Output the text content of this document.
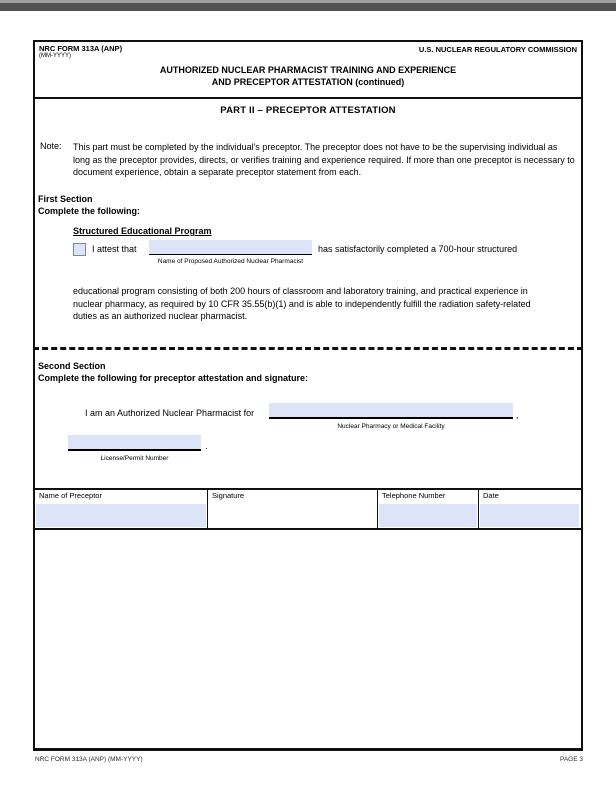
NRC FORM 313A (ANP)
(MM-YYYY)
U.S. NUCLEAR REGULATORY COMMISSION
AUTHORIZED NUCLEAR PHARMACIST TRAINING AND EXPERIENCE
AND PRECEPTOR ATTESTATION (continued)
PART II – PRECEPTOR ATTESTATION
Note: This part must be completed by the individual's preceptor. The preceptor does not have to be the supervising individual as long as the preceptor provides, directs, or verifies training and experience required. If more than one preceptor is necessary to document experience, obtain a separate preceptor statement from each.
First Section
Complete the following:
Structured Educational Program
I attest that	has satisfactorily completed a 700-hour structured
Name of Proposed Authorized Nuclear Pharmacist
educational program consisting of both 200 hours of classroom and laboratory training, and practical experience in nuclear pharmacy, as required by 10 CFR 35.55(b)(1) and is able to independently fulfill the radiation safety-related duties as an authorized nuclear pharmacist.
Second Section
Complete the following for preceptor attestation and signature:
I am an Authorized Nuclear Pharmacist for	,
Nuclear Pharmacy or Medical Facility
.
License/Permit Number
Name of Preceptor	Signature	Telephone Number	Date
NRC FORM 313A (ANP) (MM-YYYY)	PAGE 3
